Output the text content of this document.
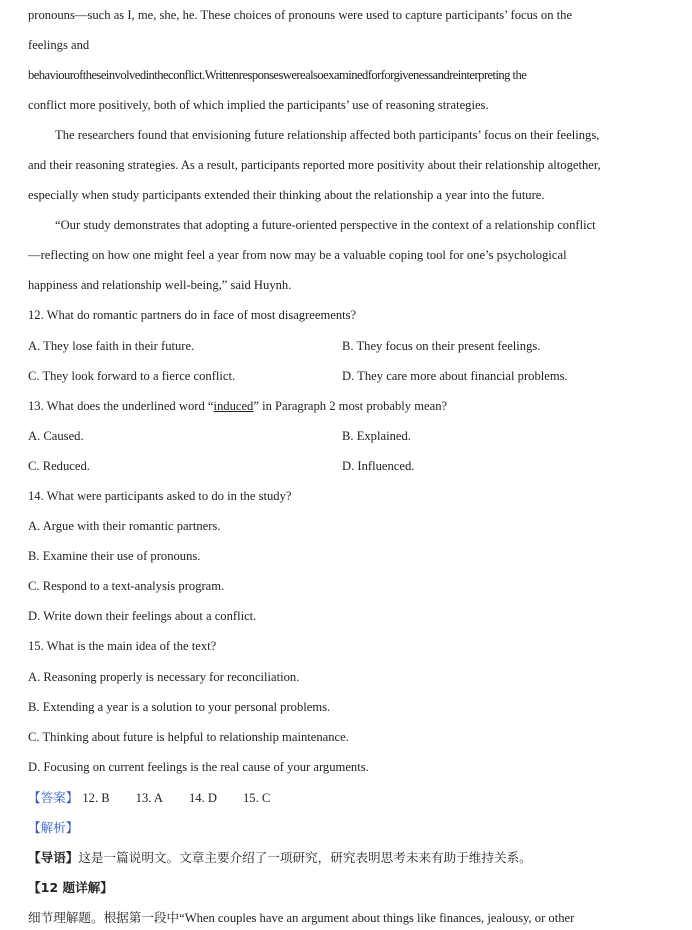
pronouns—such as I, me, she, he. These choices of pronouns were used to capture participants’ focus on the
feelings and
behaviouroftheseinvolvedintheconflict.Writtenresponseswerealsoexaminedforforgivenessandreinterpreting the
conflict more positively, both of which implied the participants’ use of reasoning strategies.
The researchers found that envisioning future relationship affected both participants’ focus on their feelings,
and their reasoning strategies. As a result, participants reported more positivity about their relationship altogether,
especially when study participants extended their thinking about the relationship a year into the future.
“Our study demonstrates that adopting a future-oriented perspective in the context of a relationship conflict
—reflecting on how one might feel a year from now may be a valuable coping tool for one’s psychological
happiness and relationship well-being,” said Huynh.
12. What do romantic partners do in face of most disagreements?
A. They lose faith in their future.	B. They focus on their present feelings.
C. They look forward to a fierce conflict.	D. They care more about financial problems.
13. What does the underlined word “induced” in Paragraph 2 most probably mean?
A. Caused.	B. Explained.
C. Reduced.	D. Influenced.
14. What were participants asked to do in the study?
A. Argue with their romantic partners.
B. Examine their use of pronouns.
C. Respond to a text-analysis program.
D. Write down their feelings about a conflict.
15. What is the main idea of the text?
A. Reasoning properly is necessary for reconciliation.
B. Extending a year is a solution to your personal problems.
C. Thinking about future is helpful to relationship maintenance.
D. Focusing on current feelings is the real cause of your arguments.
【答案】 12. B 13. A 14. D 15. C
【解析】
【导语】这是一篇说明文。文章主要介绍了一项研究，研究表明思考未来有助于维持关系。
【12 题详解】
细节理解题。根据第一段中“When couples have an argument about things like finances, jealousy, or other
